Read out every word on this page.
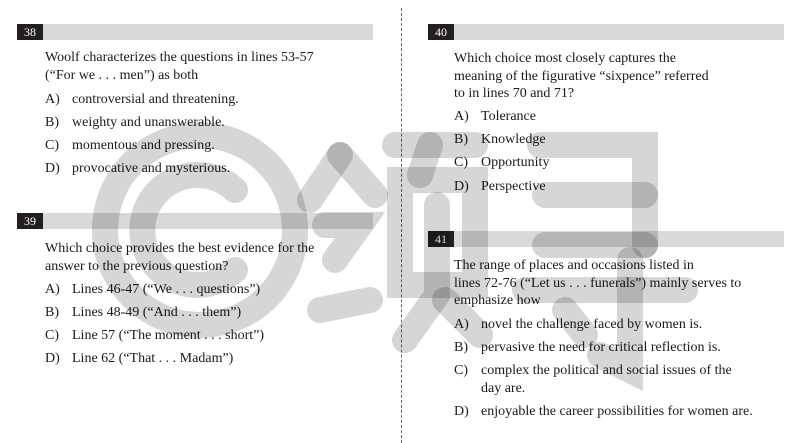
38
Woolf characterizes the questions in lines 53-57
(“For we . . . men”) as both
A) controversial and threatening.
B) weighty and unanswerable.
C) momentous and pressing.
D) provocative and mysterious.
39
Which choice provides the best evidence for the
answer to the previous question?
A) Lines 46-47 (“We . . . questions”)
B) Lines 48-49 (“And . . . them”)
C) Line 57 (“The moment . . . short”)
D) Line 62 (“That . . . Madam”)
40
Which choice most closely captures the
meaning of the figurative “sixpence” referred
to in lines 70 and 71?
A) Tolerance
B) Knowledge
C) Opportunity
D) Perspective
41
The range of places and occasions listed in
lines 72-76 (“Let us . . . funerals”) mainly serves to
emphasize how
A) novel the challenge faced by women is.
B) pervasive the need for critical reflection is.
C) complex the political and social issues of the
day are.
D) enjoyable the career possibilities for women are.
